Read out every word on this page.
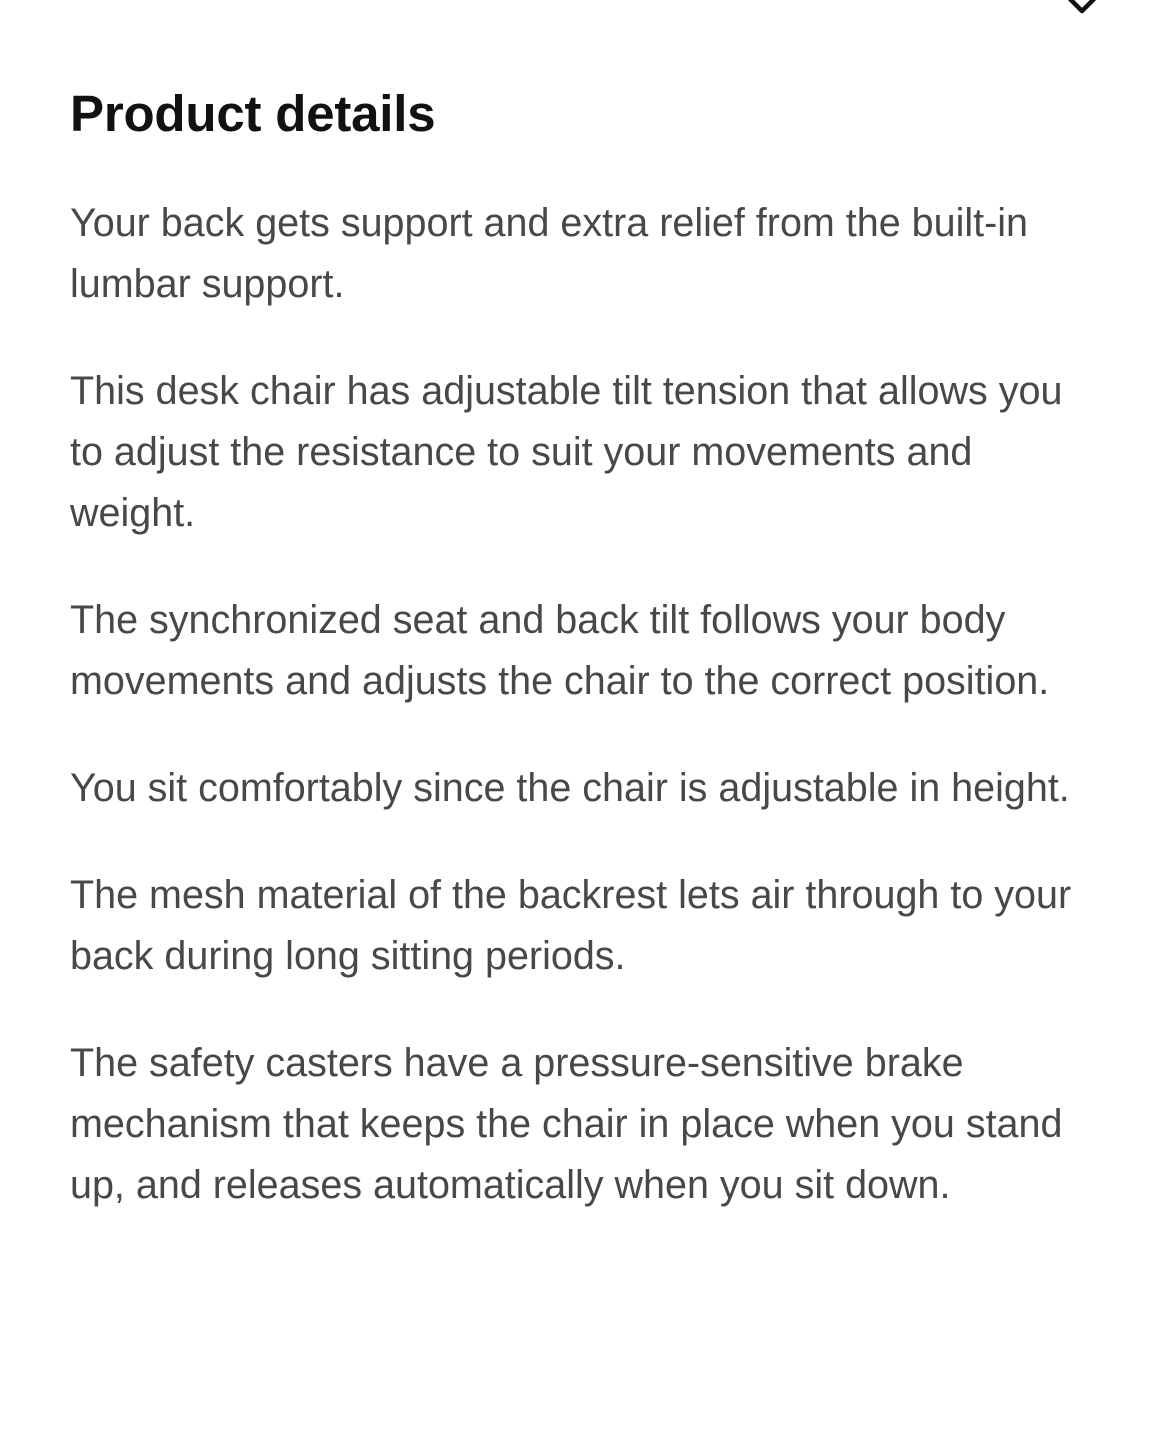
Product details

Your back gets support and extra relief from the built-in lumbar support.

This desk chair has adjustable tilt tension that allows you to adjust the resistance to suit your movements and weight.

The synchronized seat and back tilt follows your body movements and adjusts the chair to the correct position.

You sit comfortably since the chair is adjustable in height.

The mesh material of the backrest lets air through to your back during long sitting periods.

The safety casters have a pressure-sensitive brake mechanism that keeps the chair in place when you stand up, and releases automatically when you sit down.
